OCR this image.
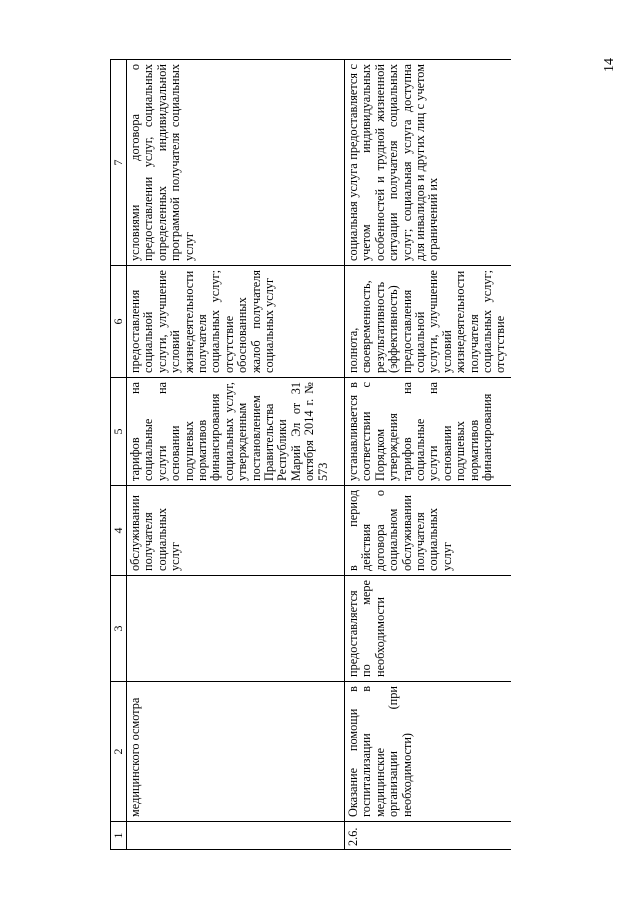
14
1	2	3	4	5	6	7
	медицинского осмотра		обслуживании получателя социальных услуг	тарифов на социальные услуги на основании подушевых нормативов финансирования социальных услуг, утвержденным постановлением Правительства Республики Марий Эл от 31 октября 2014 г. № 573	предоставления социальной услуги, улучшение условий жизнедеятельности получателя социальных услуг; отсутствие обоснованных жалоб получателя социальных услуг	условиями договора о предоставлении услуг, социальных определенных индивидуальной программой получателя социальных услуг
2.6.	Оказание помощи в госпитализации в медицинские организации (при необходимости)	предоставляется по мере необходимости	в период действия договора о социальном обслуживании получателя социальных услуг	устанавливается в соответствии с Порядком утверждения тарифов на социальные услуги на основании подушевых нормативов финансирования	полнота, своевременность, результативность (эффективность) предоставления социальной услуги, улучшение условий жизнедеятельности получателя социальных услуг; отсутствие	социальная услуга предоставляется с учетом индивидуальных особенностей и трудной жизненной ситуации получателя социальных услуг; социальная услуга доступна для инвалидов и других лиц с учетом ограничений их
